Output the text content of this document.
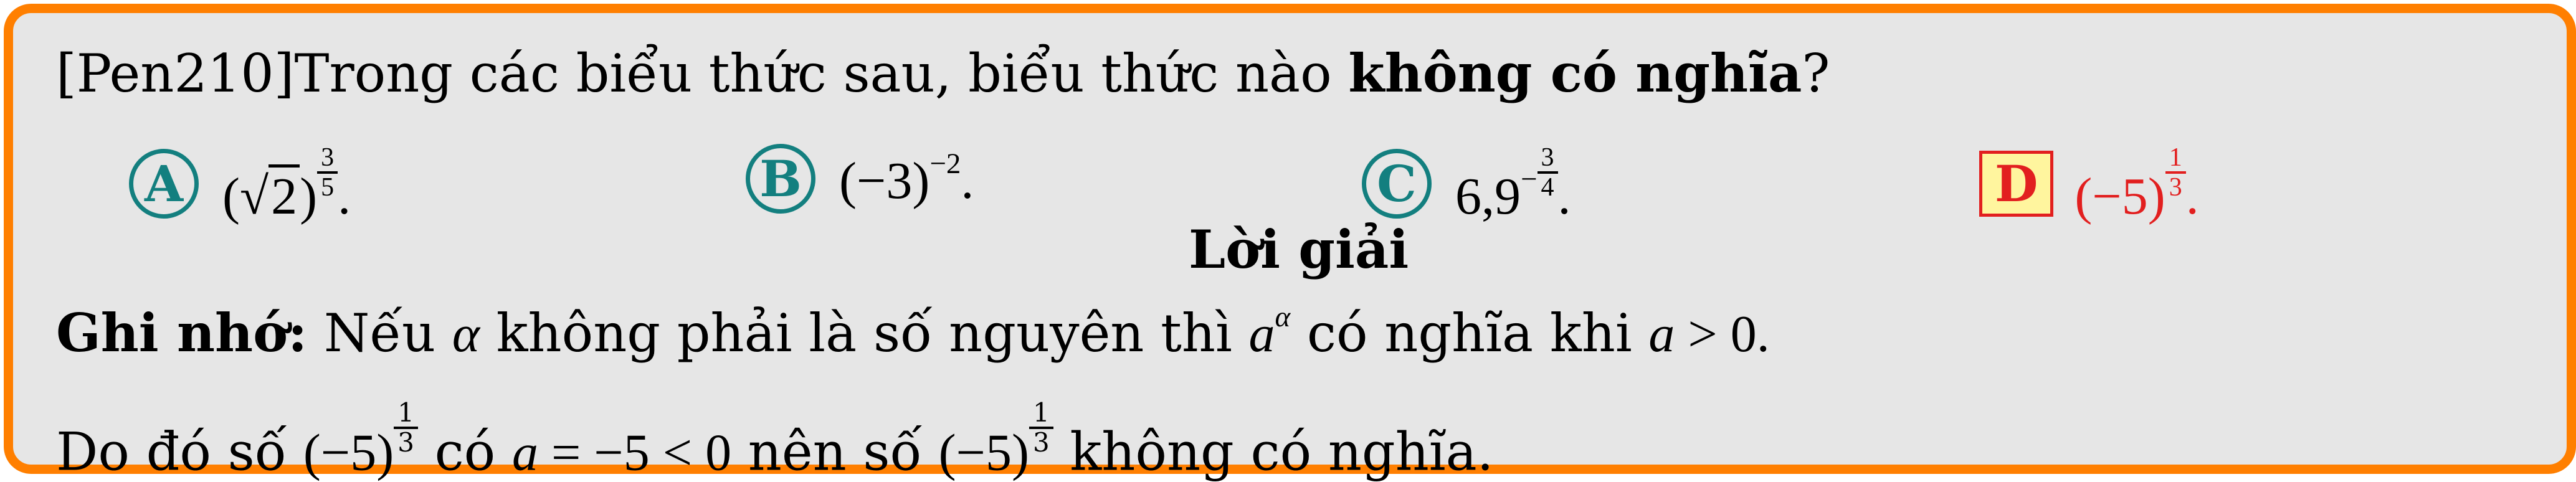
[Pen210]Trong các biểu thức sau, biểu thức nào không có nghĩa?
A $(√2) \frac{3}{5}$ .	B $(-3)^{-2}$.	C $6,9^- \frac{3}{4}$ .	D $(-5) \frac{1}{3}$ .
Lời giải
Ghi nhớ: Nếu α không phải là số nguyên thì $a^\alpha$ có nghĩa khi a > 0.
Do đó số $(-5) \frac{1}{3}$ có a = −5 < 0 nên số $(-5) \frac{1}{3}$ không có nghĩa.
